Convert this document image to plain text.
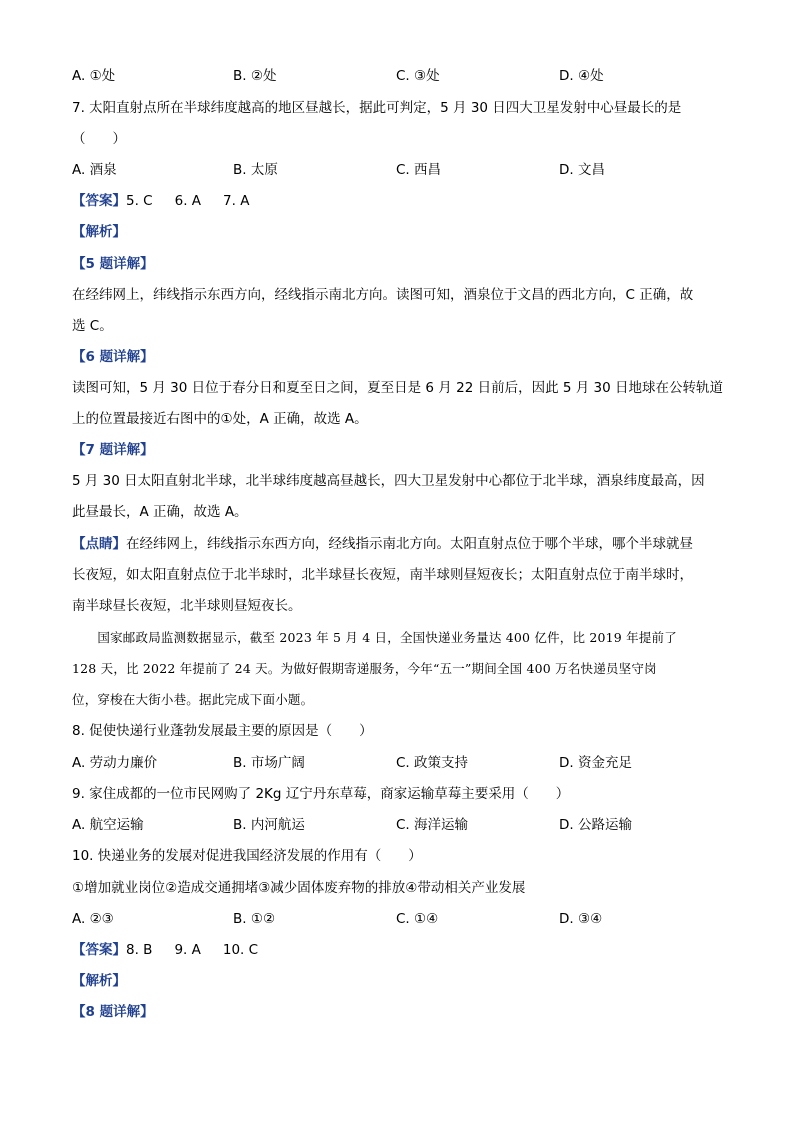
A. ①处	B. ②处	C. ③处	D. ④处
7. 太阳直射点所在半球纬度越高的地区昼越长，据此可判定，5 月 30 日四大卫星发射中心昼最长的是
（　　）
A. 酒泉	B. 太原	C. 西昌	D. 文昌
【答案】5. C 6. A 7. A
【解析】
【5 题详解】
在经纬网上，纬线指示东西方向，经线指示南北方向。读图可知，酒泉位于文昌的西北方向，C 正确，故
选 C。
【6 题详解】
读图可知，5 月 30 日位于春分日和夏至日之间，夏至日是 6 月 22 日前后，因此 5 月 30 日地球在公转轨道
上的位置最接近右图中的①处，A 正确，故选 A。
【7 题详解】
5 月 30 日太阳直射北半球，北半球纬度越高昼越长，四大卫星发射中心都位于北半球，酒泉纬度最高，因
此昼最长，A 正确，故选 A。
【点睛】在经纬网上，纬线指示东西方向，经线指示南北方向。太阳直射点位于哪个半球，哪个半球就昼
长夜短，如太阳直射点位于北半球时，北半球昼长夜短，南半球则昼短夜长；太阳直射点位于南半球时，
南半球昼长夜短，北半球则昼短夜长。
　　国家邮政局监测数据显示，截至 2023 年 5 月 4 日，全国快递业务量达 400 亿件，比 2019 年提前了
128 天，比 2022 年提前了 24 天。为做好假期寄递服务，今年“五一”期间全国 400 万名快递员坚守岗
位，穿梭在大街小巷。据此完成下面小题。
8. 促使快递行业蓬勃发展最主要的原因是（　　）
A. 劳动力廉价	B. 市场广阔	C. 政策支持	D. 资金充足
9. 家住成都的一位市民网购了 2Kg 辽宁丹东草莓，商家运输草莓主要采用（　　）
A. 航空运输	B. 内河航运	C. 海洋运输	D. 公路运输
10. 快递业务的发展对促进我国经济发展的作用有（　　）
①增加就业岗位②造成交通拥堵③减少固体废弃物的排放④带动相关产业发展
A. ②③	B. ①②	C. ①④	D. ③④
【答案】8. B 9. A 10. C
【解析】
【8 题详解】
